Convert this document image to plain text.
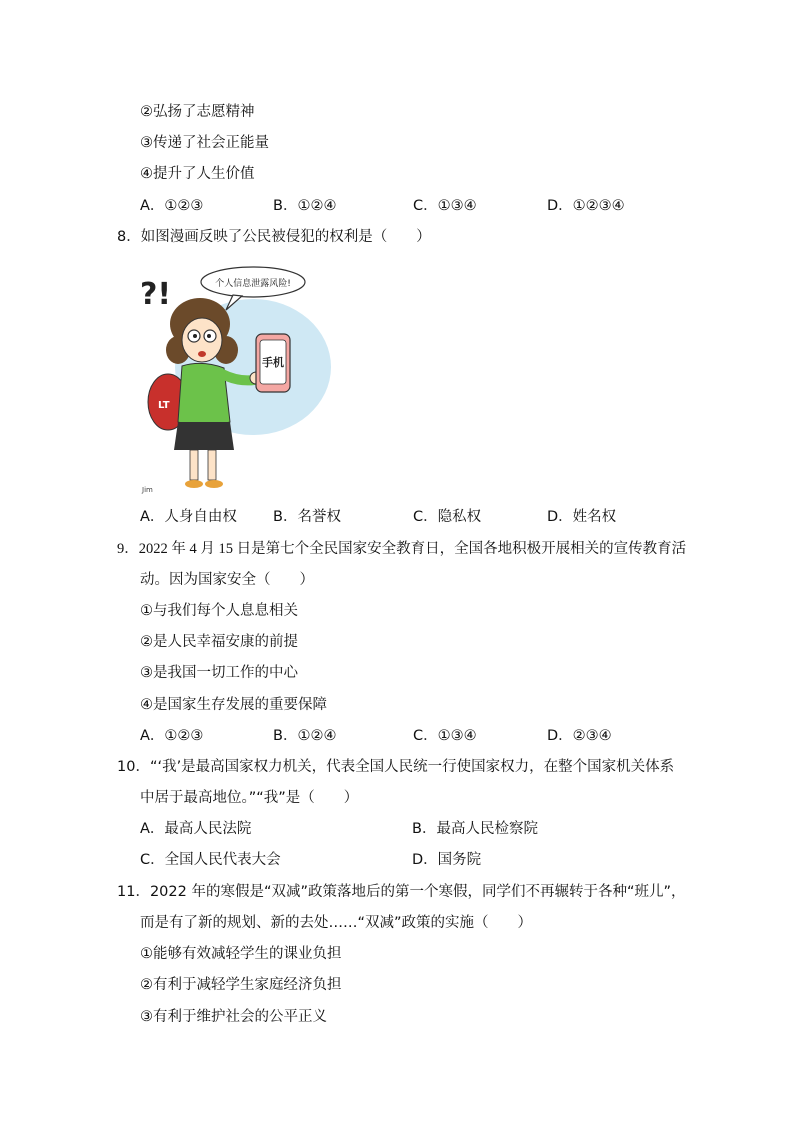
②弘扬了志愿精神
③传递了社会正能量
④提升了人生价值
A．①②③	B．①②④	C．①③④	D．①②③④
8．如图漫画反映了公民被侵犯的权利是（　　）
个人信息泄露风险!
?!
LT
手机
Jim
A．人身自由权 B．名誉权	C．隐私权	D．姓名权
9．2022 年 4 月 15 日是第七个全民国家安全教育日，全国各地积极开展相关的宣传教育活
动。因为国家安全（　　）
①与我们每个人息息相关
②是人民幸福安康的前提
③是我国一切工作的中心
④是国家生存发展的重要保障
A．①②③	B．①②④	C．①③④	D．②③④
10．“‘我’是最高国家权力机关，代表全国人民统一行使国家权力，在整个国家机关体系
中居于最高地位。”“我”是（　　）
A．最高人民法院	B．最高人民检察院
C．全国人民代表大会	D．国务院
11．2022 年的寒假是“双减”政策落地后的第一个寒假，同学们不再辗转于各种“班儿”，
而是有了新的规划、新的去处……“双减”政策的实施（　　）
①能够有效减轻学生的课业负担
②有利于减轻学生家庭经济负担
③有利于维护社会的公平正义
